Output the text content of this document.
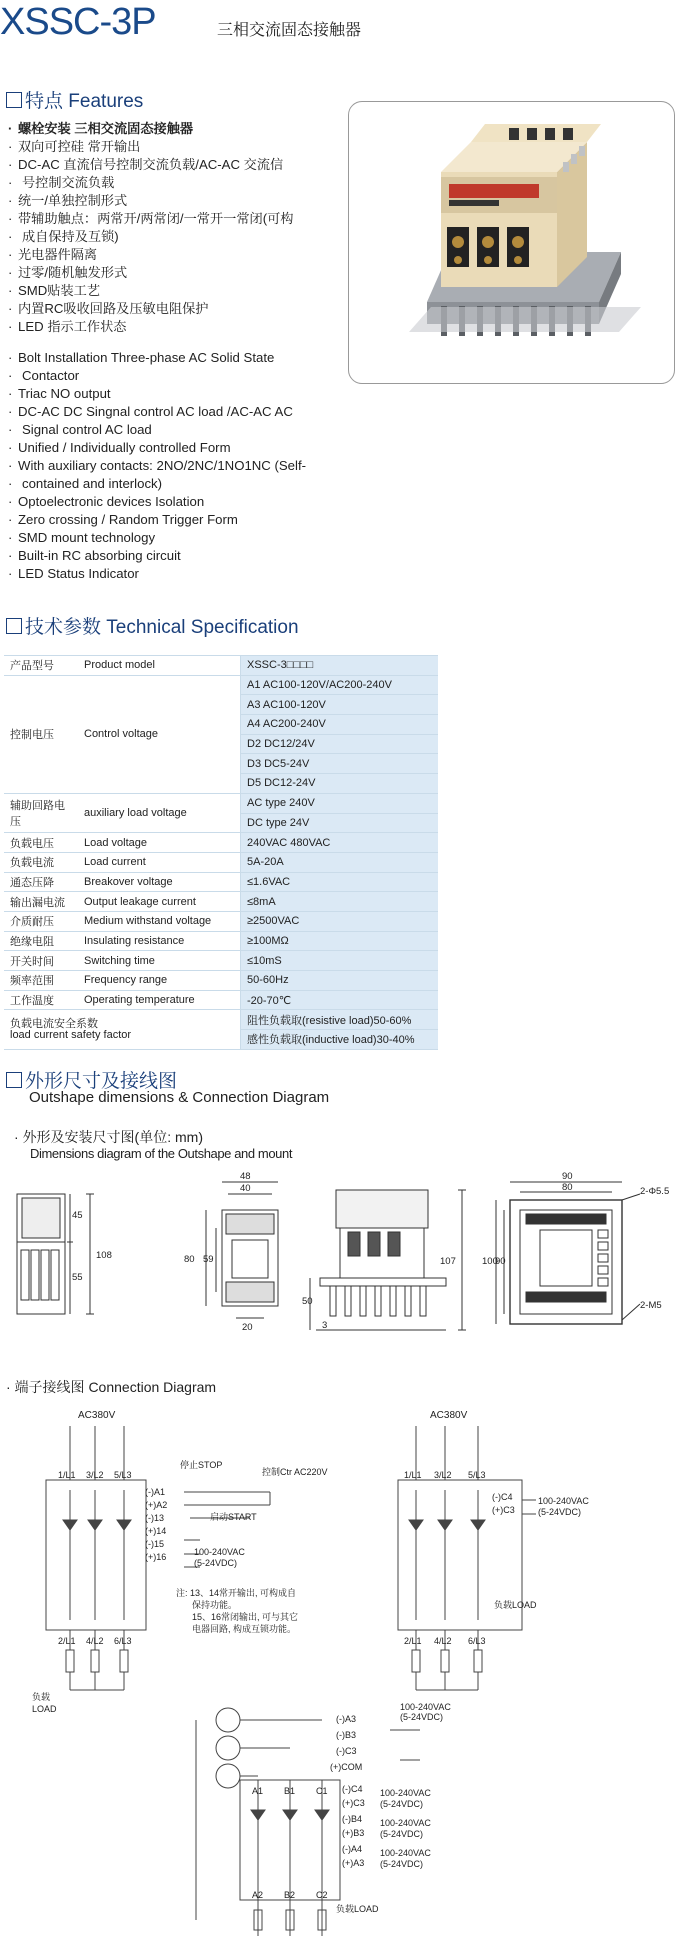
XSSC-3P	三相交流固态接触器
特点 Features
· 螺栓安装 三相交流固态接触器
· 双向可控硅 常开输出
· DC-AC 直流信号控制交流负载/AC-AC 交流信
· 号控制交流负载
· 统一/单独控制形式
· 带辅助触点：两常开/两常闭/一常开一常闭(可构
· 成自保持及互锁)
· 光电器件隔离
· 过零/随机触发形式
· SMD贴装工艺
· 内置RC吸收回路及压敏电阻保护
· LED 指示工作状态
· Bolt Installation Three-phase AC Solid State
· Contactor
· Triac NO output
· DC-AC DC Singnal control AC load /AC-AC AC
· Signal control AC load
· Unified / Individually controlled Form
· With auxiliary contacts: 2NO/2NC/1NO1NC (Self-
· contained and interlock)
· Optoelectronic devices Isolation
· Zero crossing / Random Trigger Form
· SMD mount technology
· Built-in RC absorbing circuit
· LED Status Indicator
技术参数 Technical Specification
产品型号	Product model	XSSC-3□□□□
控制电压	Control voltage	A1 AC100-120V/AC200-240V
		A3 AC100-120V
		A4 AC200-240V
		D2 DC12/24V
		D3 DC5-24V
		D5 DC12-24V
辅助回路电压	auxiliary load voltage	AC type 240V
		DC type 24V
负载电压	Load voltage	240VAC 480VAC
负载电流	Load current	5A-20A
通态压降	Breakover voltage	≤1.6VAC
输出漏电流	Output leakage current	≤8mA
介质耐压	Medium withstand voltage	≥2500VAC
绝缘电阻	Insulating resistance	≥100MΩ
开关时间	Switching time	≤10mS
频率范围	Frequency range	50-60Hz
工作温度	Operating temperature	-20-70℃
负载电流安全系数
load current safety factor		阻性负载取(resistive load)50-60%
		感性负载取(inductive load)30-40%
外形尺寸及接线图
Outshape dimensions & Connection Diagram
· 外形及安装尺寸图(单位: mm)
Dimensions diagram of the Outshape and mount
45
55
108
48
40
80 59
20
107
50
3
90
80
100
90
2-Φ5.5
2-M5
· 端子接线图 Connection Diagram
AC380V	AC380V
1/L1 3/L2 5/L3
2/L1 4/L2 6/L3
1/L1 3/L2 5/L3
2/L1 4/L2 6/L3
(-)A1
(+)A2
(-)13
(+)14
(-)15
(+)16
停止STOP
控制Ctr AC220V
启动START
100-240VAC
(5-24VDC)
负载
LOAD
注: 13、14常开输出, 可构成自
保持功能。
15、16常闭输出, 可与其它
电器回路, 构成互锁功能。
(-)C4
(+)C3
100-240VAC
(5-24VDC)
负载LOAD
100-240VAC
(5-24VDC)
(-)A3
(-)B3
(-)C3
(+)COM
A1 B1 C1
A2 B2 C2
(-)C4
(+)C3
(-)B4
(+)B3
(-)A4
(+)A3
100-240VAC
(5-24VDC)
100-240VAC
(5-24VDC)
100-240VAC
(5-24VDC)
负载LOAD
